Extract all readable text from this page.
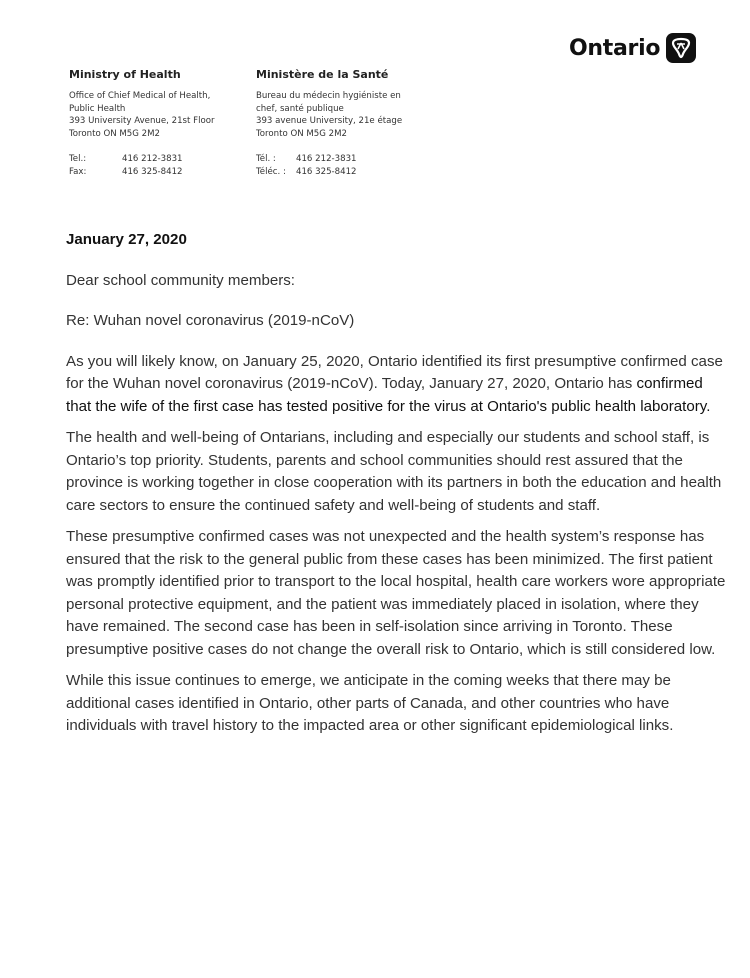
Ontario
Ministry of Health
Office of Chief Medical of Health,
Public Health
393 University Avenue, 21st Floor
Toronto ON M5G 2M2
Tel.:	416 212-3831
Fax:	416 325-8412
Ministère de la Santé
Bureau du médecin hygiéniste en
chef, santé publique
393 avenue University, 21e étage
Toronto ON M5G 2M2
Tél. :	416 212-3831
Téléc. :	416 325-8412
January 27, 2020

Dear school community members:

Re: Wuhan novel coronavirus (2019-nCoV)

As you will likely know, on January 25, 2020, Ontario identified its first presumptive confirmed case for the Wuhan novel coronavirus (2019-nCoV). Today, January 27, 2020, Ontario has confirmed that the wife of the first case has tested positive for the virus at Ontario's public health laboratory.

The health and well-being of Ontarians, including and especially our students and school staff, is Ontario’s top priority. Students, parents and school communities should rest assured that the province is working together in close cooperation with its partners in both the education and health care sectors to ensure the continued safety and well-being of students and staff.

These presumptive confirmed cases was not unexpected and the health system’s response has ensured that the risk to the general public from these cases has been minimized. The first patient was promptly identified prior to transport to the local hospital, health care workers wore appropriate personal protective equipment, and the patient was immediately placed in isolation, where they have remained. The second case has been in self-isolation since arriving in Toronto. These presumptive positive cases do not change the overall risk to Ontario, which is still considered low.

While this issue continues to emerge, we anticipate in the coming weeks that there may be additional cases identified in Ontario, other parts of Canada, and other countries who have individuals with travel history to the impacted area or other significant epidemiological links.
